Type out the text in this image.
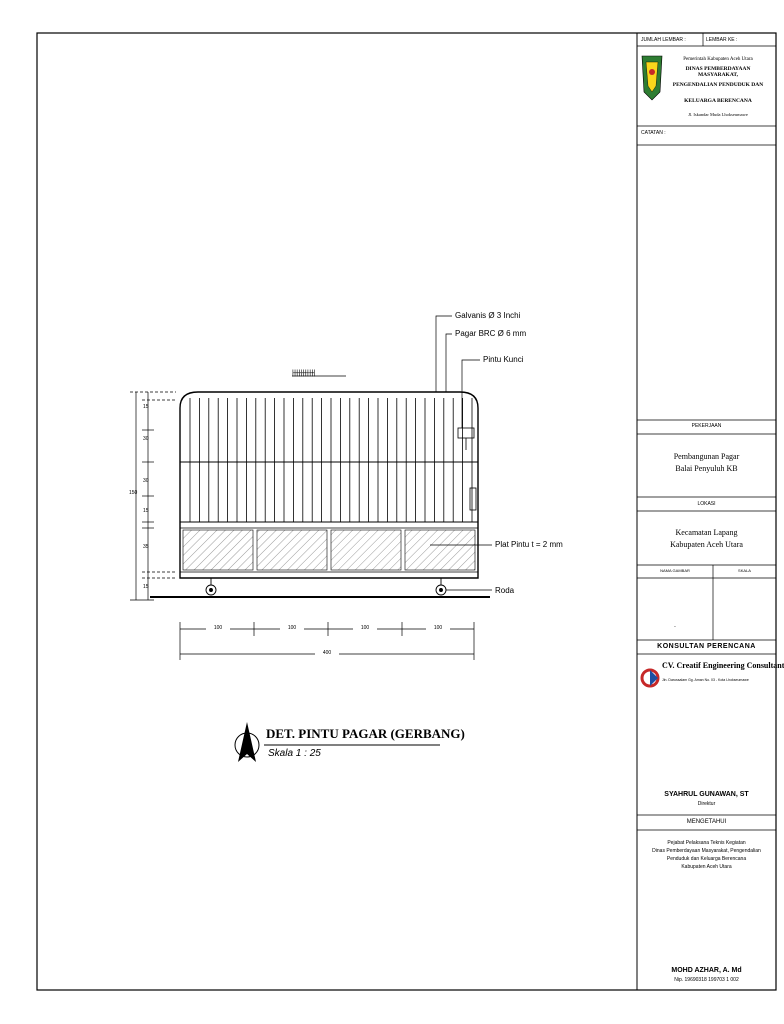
|-|-|-|-|-|-|-|-|-|-|
Galvanis Ø 3 Inchi
Pagar BRC Ø 6 mm
Pintu Kunci
Plat Pintu t = 2 mm
Roda
15
30
30
15
35
15
150
100	100	100	100
400
DET. PINTU PAGAR (GERBANG)
Skala 1 : 25
JUMLAH LEMBAR :	LEMBAR KE :
Pemerintah Kabupaten Aceh Utara
DINAS PEMBERDAYAAN MASYARAKAT,
PENGENDALIAN PENDUDUK DAN
KELUARGA BERENCANA
Jl. Iskandar Muda Lhokseumawe
CATATAN :
PEKERJAAN
Pembangunan Pagar
Balai Penyuluh KB
LOKASI
Kecamatan Lapang
Kabupaten Aceh Utara
NAMA GAMBAR	SKALA
-
KONSULTAN PERENCANA
CV. Creatif Engineering Consultant
Jln. Darussalam Gg. Aman No. 03 - Kota Lhokseumawe
SYAHRUL GUNAWAN, ST
Direktur
MENGETAHUI
Pejabat Pelaksana Teknis Kegiatan
Dinas Pemberdayaan Masyarakat, Pengendalian
Penduduk dan Keluarga Berencana
Kabupaten Aceh Utara
MOHD AZHAR, A. Md
Nip. 19690318 199703 1 002
